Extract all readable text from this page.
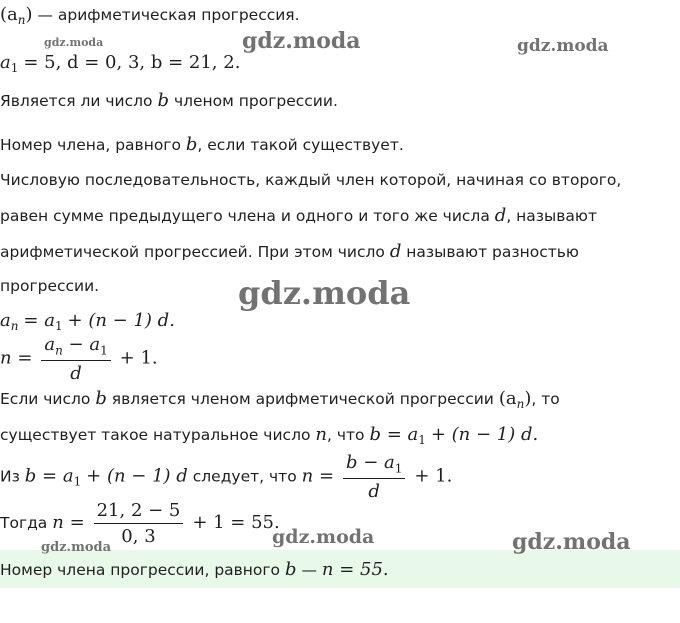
$(a_n)$ — арифметическая прогрессия.
$a_1 = 5$, d = 0, 3, b = 21, 2.
Является ли число b членом прогрессии.
Номер члена, равного b, если такой существует.
Числовую последовательность, каждый член которой, начиная со второго,
равен сумме предыдущего члена и одного и того же числа d, называют
арифметической прогрессией. При этом число d называют разностью
прогрессии.
$a_n = a_1 + (n - 1)$ d.
$n = \frac{a_n - a_1}{d} + 1$.
Если число b является членом арифметической прогрессии $(a_n)$, то
существует такое натуральное число n, что $b = a_1 + (n - 1)$ d.
Из $b = a_1 + (n - 1)$ d следует, что $n = \frac{b - a_1}{d} + 1$.
Тогда $n = \frac{21, 2 - 5}{0, 3} + 1 = 55$.
Номер члена прогрессии, равного b — n = 55.
gdz.moda	gdz.moda	gdz.moda
gdz.moda
gdz.moda
gdz.moda	gdz.moda
